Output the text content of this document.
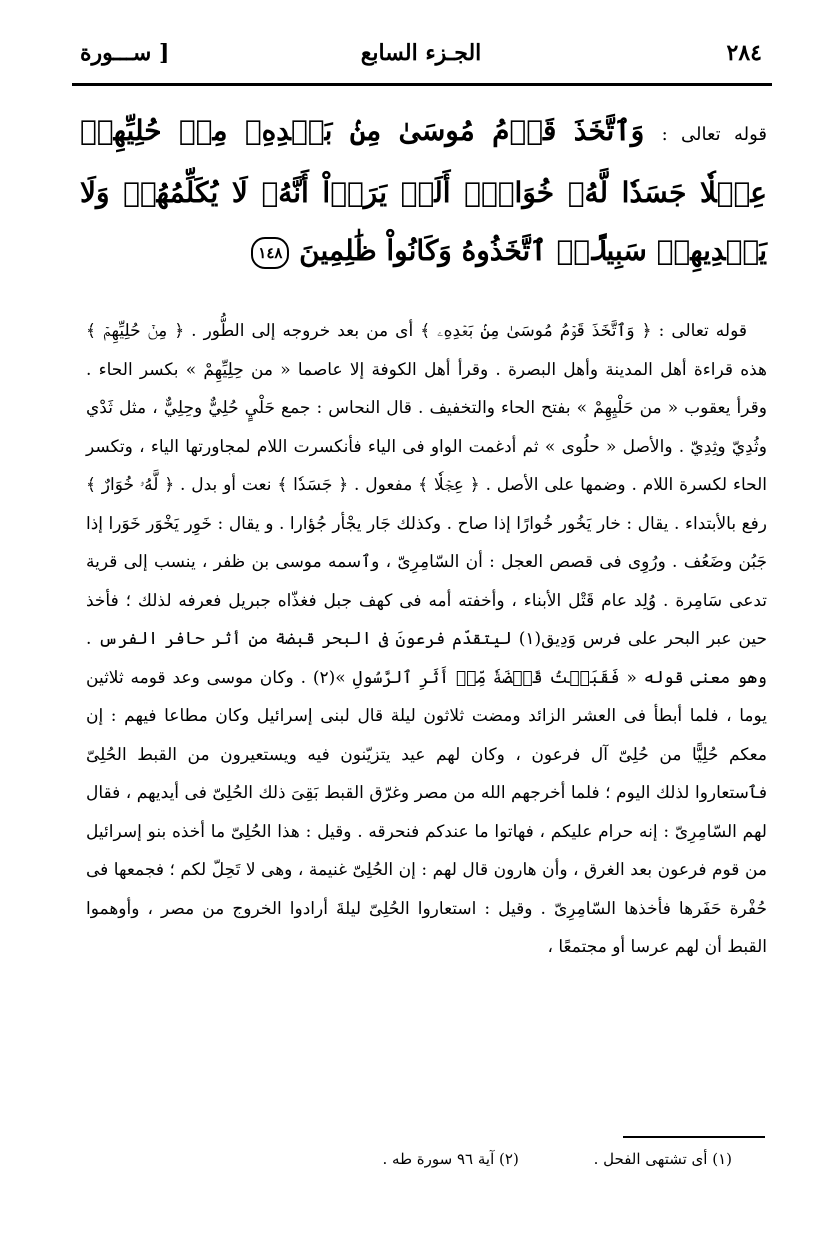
٢٨٤
الجـزء السابع
[ ســـورة
قوله تعالى : وَٱتَّخَذَ قَوۡمُ مُوسَىٰ مِنۢ بَعۡدِهِۦ مِنۡ حُلِيِّهِمۡ عِجۡلٗا جَسَدٗا لَّهُۥ خُوَارٌۚ أَلَمۡ يَرَوۡاْ أَنَّهُۥ لَا يُكَلِّمُهُمۡ وَلَا يَهۡدِيهِمۡ سَبِيلًاۘ ٱتَّخَذُوهُ وَكَانُواْ ظَٰلِمِينَ ١٤٨

قوله تعالى : ﴿ وَٱتَّخَذَ قَوۡمُ مُوسَىٰ مِنۢ بَعۡدِهِۦ ﴾ أى من بعد خروجه إلى الطُّور . ﴿ مِنۡ حُلِيِّهِمۡ ﴾ هذه قراءة أهل المدينة وأهل البصرة . وقرأ أهل الكوفة إلا عاصما « من حِلِيِّهِمْ » بكسر الحاء . وقرأ يعقوب « من حَلْيِهِمْ » بفتح الحاء والتخفيف . قال النحاس : جمع حَلْيٍ حُلِيٌّ وحِلِيٌّ ، مثل ثَدْي وثُدِيّ وثِدِيّ . والأصل « حلُوى » ثم أدغمت الواو فى الياء فأنكسرت اللام لمجاورتها الياء ، وتكسر الحاء لكسرة اللام . وضمها على الأصل . ﴿ عِجۡلٗا ﴾ مفعول . ﴿ جَسَدٗا ﴾ نعت أو بدل . ﴿ لَّهُۥ خُوَارٌ ﴾ رفع بالأبتداء . يقال : خار يَخُور خُوارًا إذا صاح . وكذلك جَار يجْأر جُؤارا . و يقال : خَوِر يَخْوَر خَوَرا إذا جَبُن وضَعُف . ورُوِى فى قصص العجل : أن السّامِرِىّ ، وٱسمه موسى بن ظفر ، ينسب إلى قرية تدعى سَامِرة . وُلِد عام قَتْل الأبناء ، وأخفته أمه فى كهف جبل فغذّاه جبريل فعرفه لذلك ؛ فأخذ حين عبر البحر على فرس وَدِيق(١) ليتقدّم فرعونَ فى البحر قبضة من أثر حافر الفرس . وهو معنى قوله « فَقَبَضۡتُ قَبۡضَةٗ مِّنۡ أَثَرِ ٱلرَّسُولِ »(٢) . وكان موسى وعد قومه ثلاثين يوما ، فلما أبطأ فى العشر الزائد ومضت ثلاثون ليلة قال لبنى إسرائيل وكان مطاعا فيهم : إن معكم حُلِيًّا من حُلِىّ آل فرعون ، وكان لهم عيد يتزيّنون فيه ويستعيرون من القبط الحُلِىّ فٱستعاروا لذلك اليوم ؛ فلما أخرجهم الله من مصر وغرّق القبط بَقِىَ ذلك الحُلِىّ فى أيديهم ، فقال لهم السّامِرِىّ : إنه حرام عليكم ، فهاتوا ما عندكم فنحرقه . وقيل : هذا الحُلِىّ ما أخذه بنو إسرائيل من قوم فرعون بعد الغرق ، وأن هارون قال لهم : إن الحُلِىّ غنيمة ، وهى لا تَحِلّ لكم ؛ فجمعها فى حُفْرة حَفَرها فأخذها السّامِرِىّ . وقيل : استعاروا الحُلِىّ ليلةَ أرادوا الخروج من مصر ، وأوهموا القبط أن لهم عرسا أو مجتمعًا ،

(١) أى تشتهى الفحل . (٢) آية ٩٦ سورة طه .
